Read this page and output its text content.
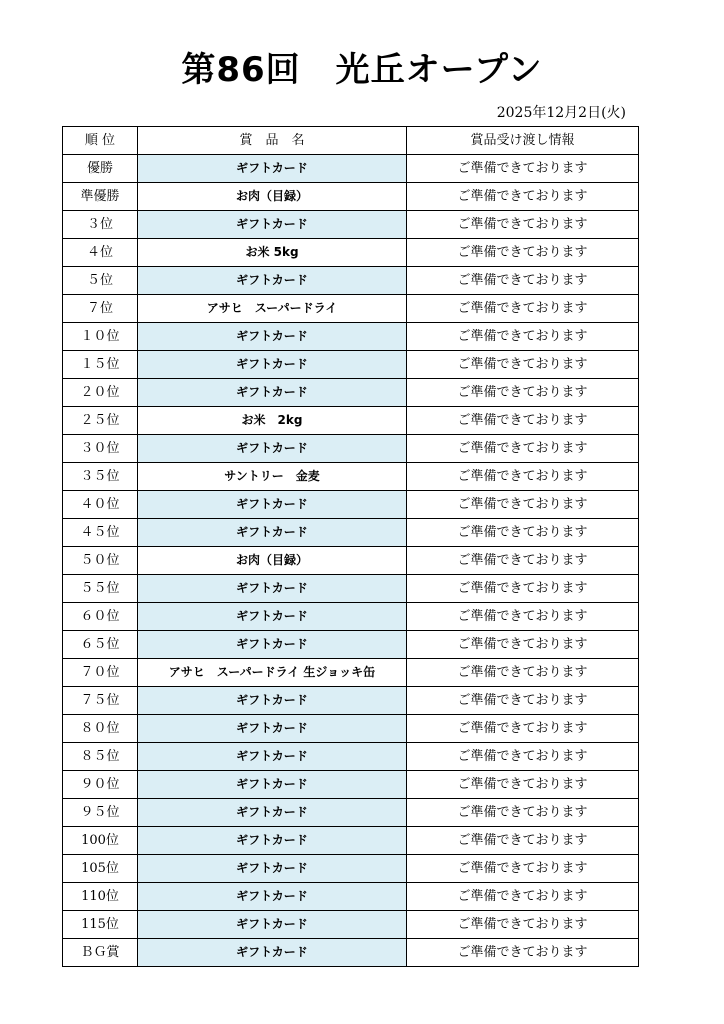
第86回　光丘オープン
2025年12月2日(火)
順 位	賞　品　名	賞品受け渡し情報
優勝	ギフトカード	ご準備できております
準優勝	お肉（目録）	ご準備できております
３位	ギフトカード	ご準備できております
４位	お米 5kg	ご準備できております
５位	ギフトカード	ご準備できております
７位	アサヒ　スーパードライ	ご準備できております
１０位	ギフトカード	ご準備できております
１５位	ギフトカード	ご準備できております
２０位	ギフトカード	ご準備できております
２５位	お米　2kg	ご準備できております
３０位	ギフトカード	ご準備できております
３５位	サントリー　金麦	ご準備できております
４０位	ギフトカード	ご準備できております
４５位	ギフトカード	ご準備できております
５０位	お肉（目録）	ご準備できております
５５位	ギフトカード	ご準備できております
６０位	ギフトカード	ご準備できております
６５位	ギフトカード	ご準備できております
７０位	アサヒ　スーパードライ 生ジョッキ缶	ご準備できております
７５位	ギフトカード	ご準備できております
８０位	ギフトカード	ご準備できております
８５位	ギフトカード	ご準備できております
９０位	ギフトカード	ご準備できております
９５位	ギフトカード	ご準備できております
100位	ギフトカード	ご準備できております
105位	ギフトカード	ご準備できております
110位	ギフトカード	ご準備できております
115位	ギフトカード	ご準備できております
ＢＧ賞	ギフトカード	ご準備できております
